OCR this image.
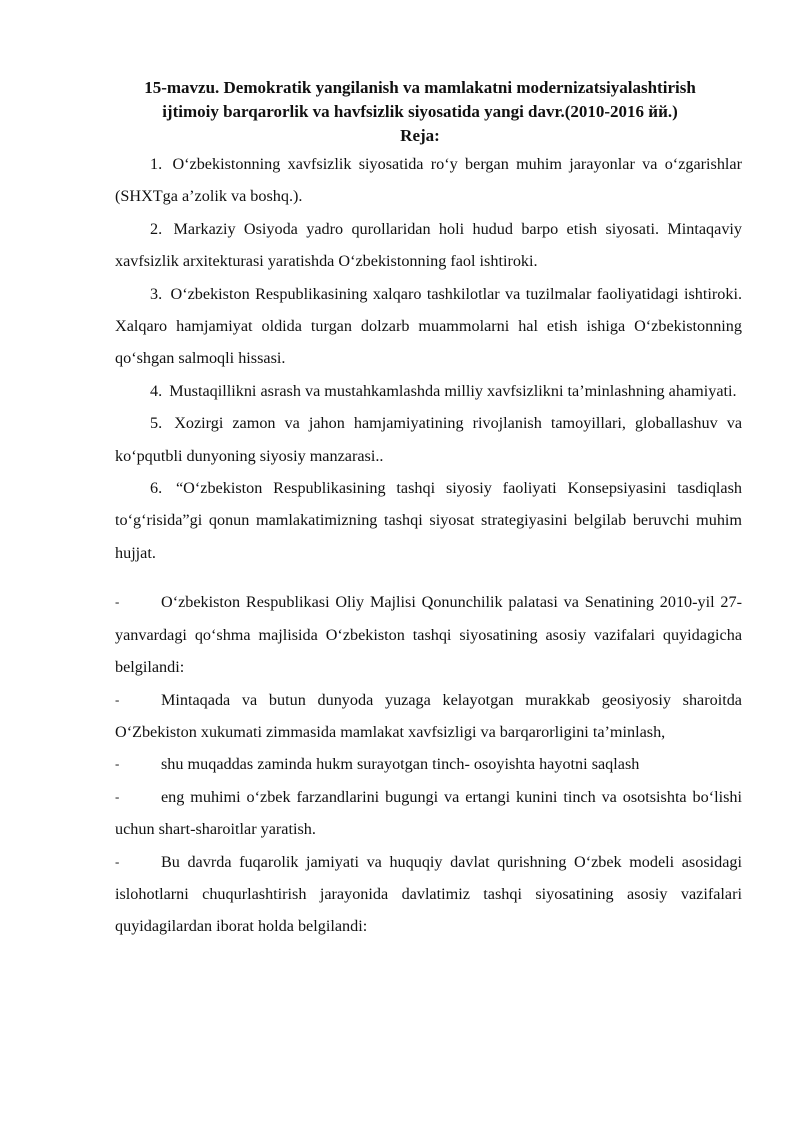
15-mavzu. Demokratik yangilanish va mamlakatni modernizatsiyalashtirish
ijtimoiy barqarorlik va havfsizlik siyosatida yangi davr.(2010-2016 йй.)
Reja:

1. O‘zbekistonning xavfsizlik siyosatida ro‘y bergan muhim jarayonlar va o‘zgarishlar (SHXTga a’zolik va boshq.).

2. Markaziy Osiyoda yadro qurollaridan holi hudud barpo etish siyosati. Mintaqaviy xavfsizlik arxitekturasi yaratishda O‘zbekistonning faol ishtiroki.

3. O‘zbekiston Respublikasining xalqaro tashkilotlar va tuzilmalar faoliyatidagi ishtiroki. Xalqaro hamjamiyat oldida turgan dolzarb muammolarni hal etish ishiga O‘zbekistonning qo‘shgan salmoqli hissasi.

4. Mustaqillikni asrash va mustahkamlashda milliy xavfsizlikni ta’minlashning ahamiyati.

5. Xozirgi zamon va jahon hamjamiyatining rivojlanish tamoyillari, globallashuv va ko‘pqutbli dunyoning siyosiy manzarasi..

6. “O‘zbekiston Respublikasining tashqi siyosiy faoliyati Konsepsiyasini tasdiqlash to‘g‘risida”gi qonun mamlakatimizning tashqi siyosat strategiyasini belgilab beruvchi muhim hujjat.

-	O‘zbekiston Respublikasi Oliy Majlisi Qonunchilik palatasi va Senatining 2010-yil 27-yanvardagi qo‘shma majlisida O‘zbekiston tashqi siyosatining asosiy vazifalari quyidagicha belgilandi:

-	Mintaqada va butun dunyoda yuzaga kelayotgan murakkab geosiyosiy sharoitda O‘Zbekiston xukumati zimmasida mamlakat xavfsizligi va barqarorligini ta’minlash,

-	shu muqaddas zaminda hukm surayotgan tinch- osoyishta hayotni saqlash

-	eng muhimi o‘zbek farzandlarini bugungi va ertangi kunini tinch va osotsishta bo‘lishi uchun shart-sharoitlar yaratish.

-	Bu davrda fuqarolik jamiyati va huquqiy davlat qurishning O‘zbek modeli asosidagi islohotlarni chuqurlashtirish jarayonida davlatimiz tashqi siyosatining asosiy vazifalari quyidagilardan iborat holda belgilandi:
